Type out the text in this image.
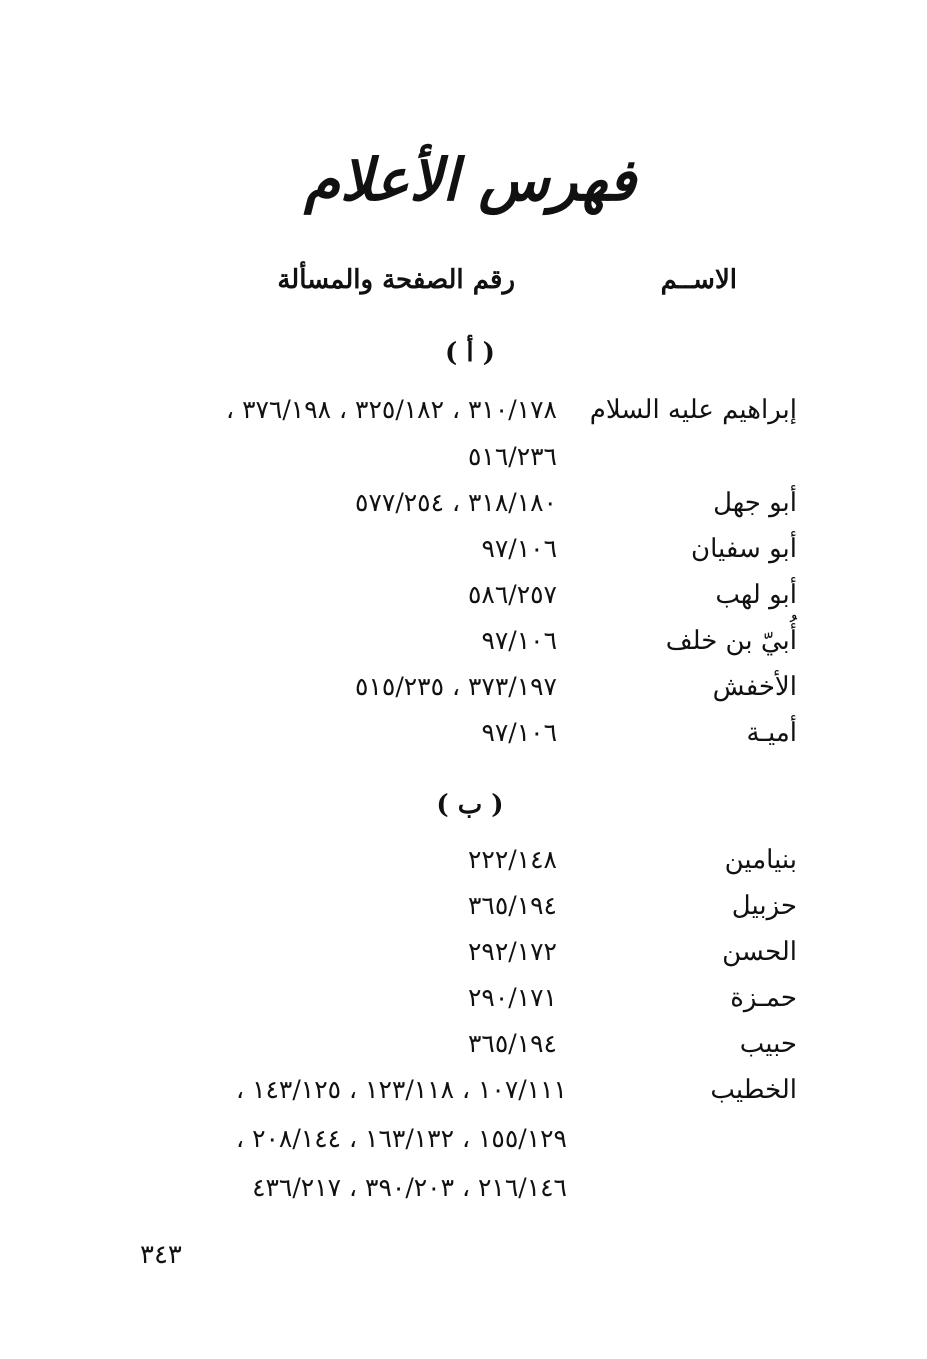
فهرس الأعلام
الاســم
رقم الصفحة والمسألة
( أ )
إبراهيم عليه السلام
٣١٠/١٧٨ ، ٣٢٥/١٨٢ ، ٣٧٦/١٩٨ ،
٥١٦/٢٣٦
أبو جهل
٣١٨/١٨٠ ، ٥٧٧/٢٥٤
أبو سفيان
٩٧/١٠٦
أبو لهب
٥٨٦/٢٥٧
أُبيّ بن خلف
٩٧/١٠٦
الأخفش
٣٧٣/١٩٧ ، ٥١٥/٢٣٥
أميـة
٩٧/١٠٦
( ب )
بنيامين
٢٢٢/١٤٨
حزبيل
٣٦٥/١٩٤
الحسن
٢٩٢/١٧٢
حمـزة
٢٩٠/١٧١
حبيب
٣٦٥/١٩٤
الخطيب
١٠٧/١١١ ، ١٢٣/١١٨ ، ١٤٣/١٢٥ ،
١٥٥/١٢٩ ، ١٦٣/١٣٢ ، ٢٠٨/١٤٤ ،
٢١٦/١٤٦ ، ٣٩٠/٢٠٣ ، ٤٣٦/٢١٧
٣٤٣
